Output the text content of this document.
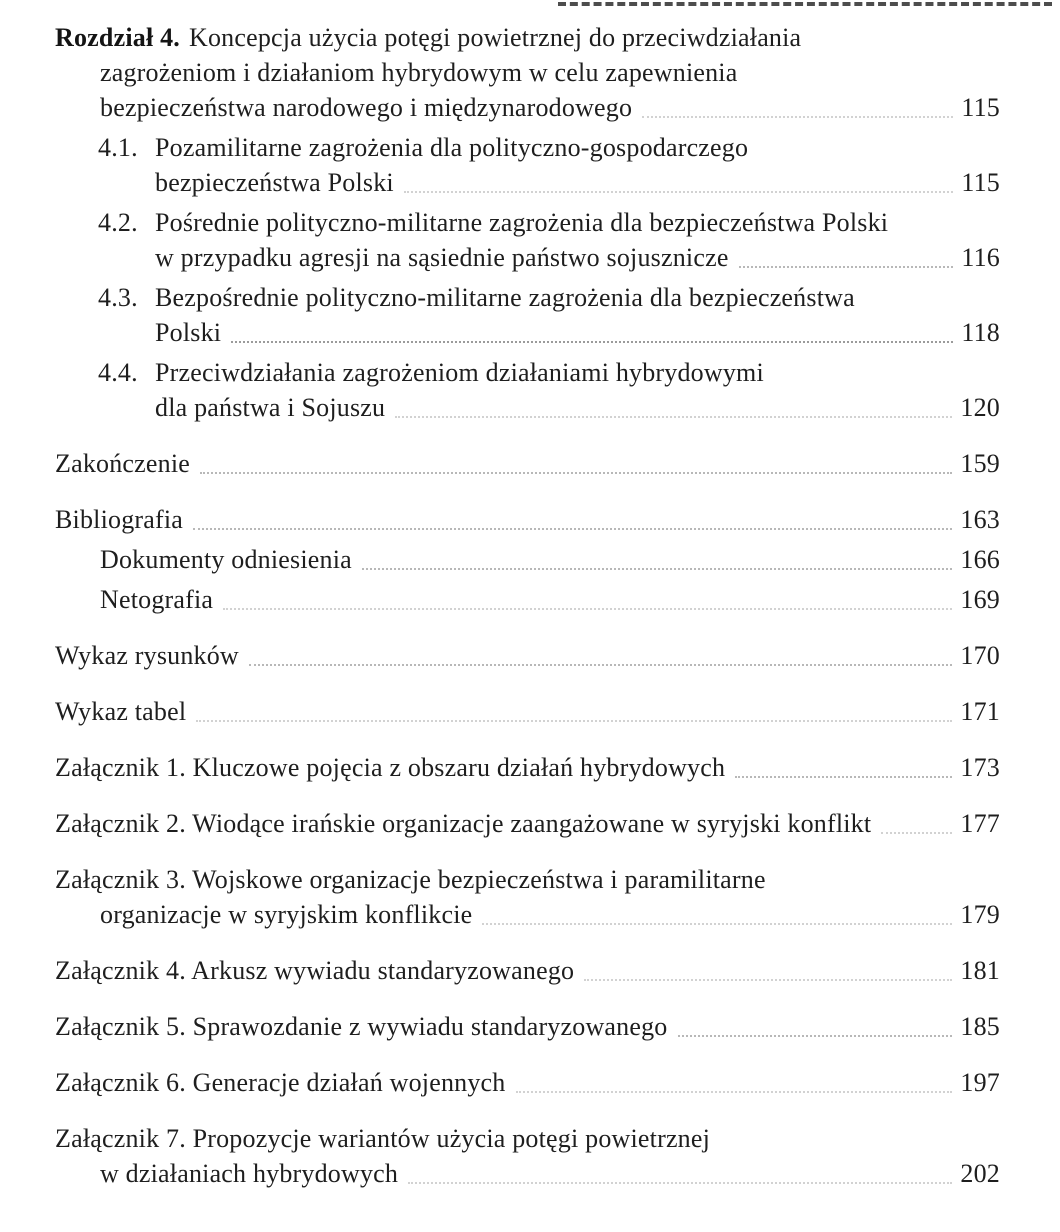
Rozdział 4. Koncepcja użycia potęgi powietrznej do przeciwdziałania
zagrożeniom i działaniom hybrydowym w celu zapewnienia
bezpieczeństwa narodowego i międzynarodowego	115
4.1. Pozamilitarne zagrożenia dla polityczno-gospodarczego
bezpieczeństwa Polski	115
4.2. Pośrednie polityczno-militarne zagrożenia dla bezpieczeństwa Polski
w przypadku agresji na sąsiednie państwo sojusznicze	116
4.3. Bezpośrednie polityczno-militarne zagrożenia dla bezpieczeństwa
Polski	118
4.4. Przeciwdziałania zagrożeniom działaniami hybrydowymi
dla państwa i Sojuszu	120
Zakończenie	159
Bibliografia	163
Dokumenty odniesienia	166
Netografia	169
Wykaz rysunków	170
Wykaz tabel	171
Załącznik 1. Kluczowe pojęcia z obszaru działań hybrydowych	173
Załącznik 2. Wiodące irańskie organizacje zaangażowane w syryjski konflikt	177
Załącznik 3. Wojskowe organizacje bezpieczeństwa i paramilitarne
organizacje w syryjskim konflikcie	179
Załącznik 4. Arkusz wywiadu standaryzowanego	181
Załącznik 5. Sprawozdanie z wywiadu standaryzowanego	185
Załącznik 6. Generacje działań wojennych	197
Załącznik 7. Propozycje wariantów użycia potęgi powietrznej
w działaniach hybrydowych	202
